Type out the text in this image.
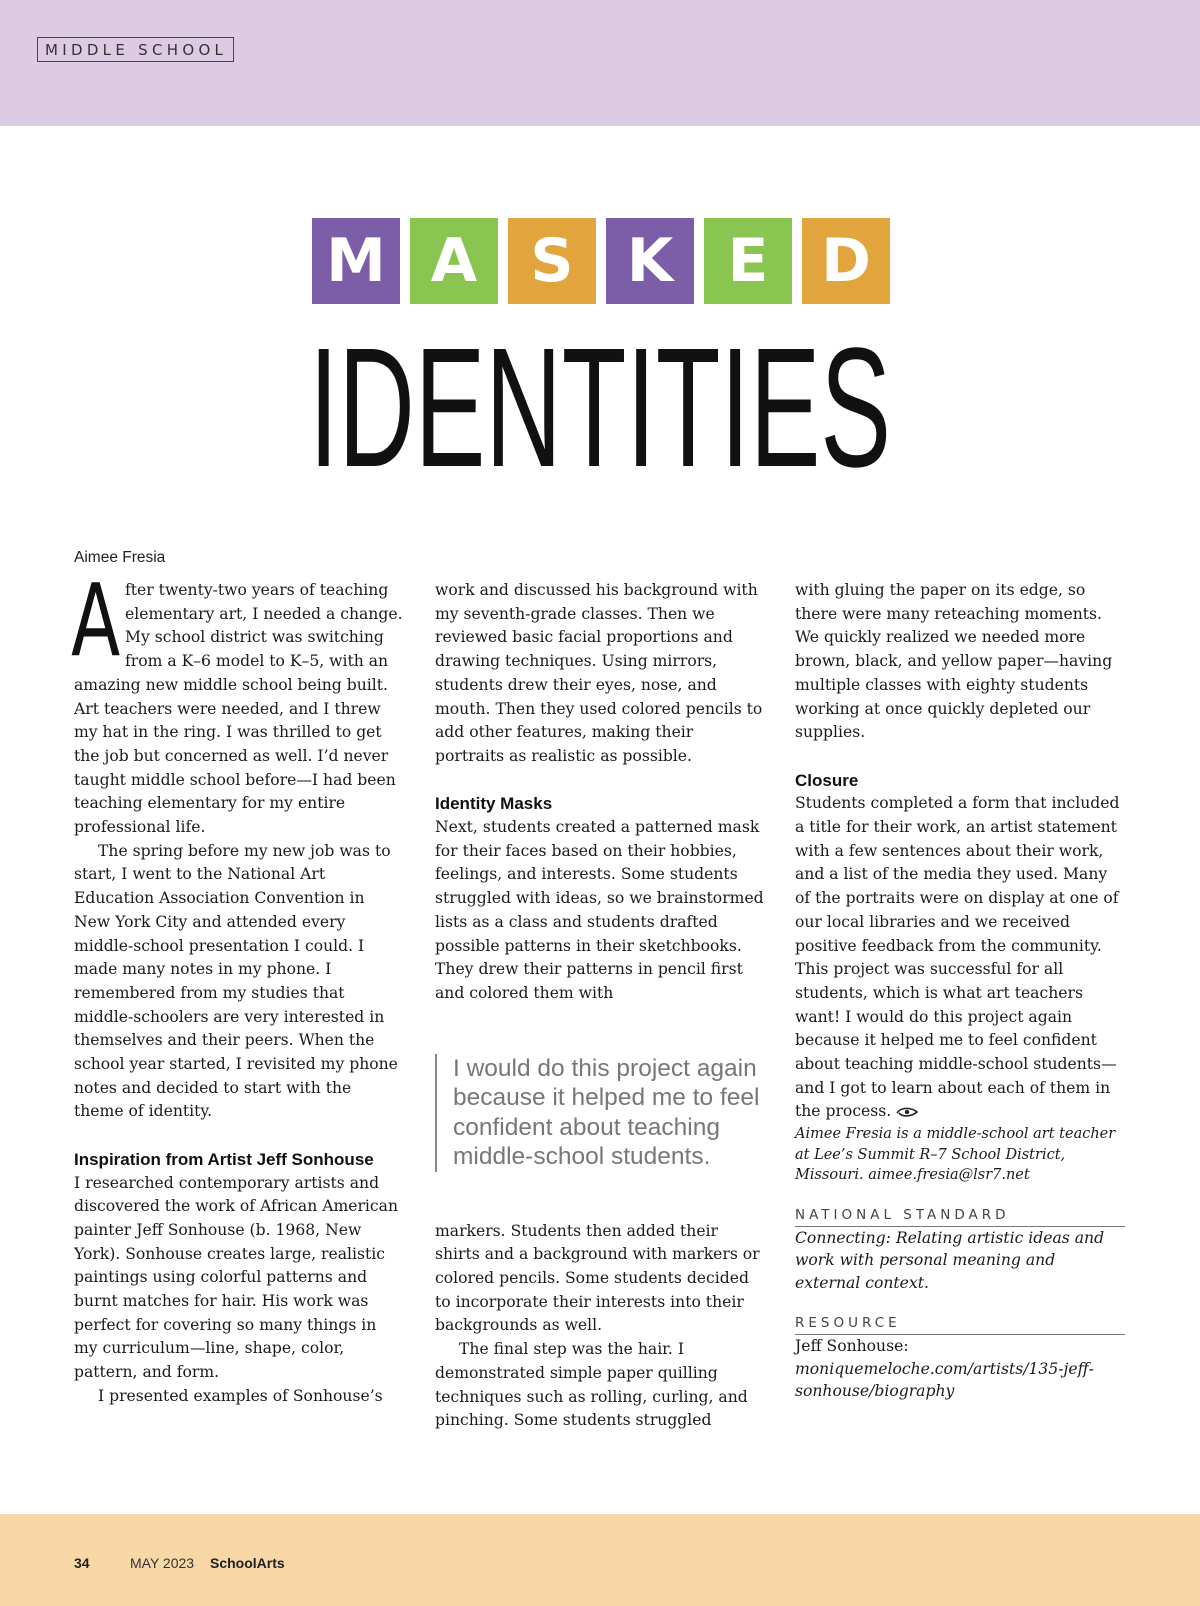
MIDDLE SCHOOL
M A S K E D
IDENTITIES
Aimee Fresia

After twenty-two years of teaching elementary art, I needed a change. My school district was switching from a K–6 model to K–5, with an amazing new middle school being built. Art teachers were needed, and I threw my hat in the ring. I was thrilled to get the job but concerned as well. I’d never taught middle school before—I had been teaching elementary for my entire professional life.

The spring before my new job was to start, I went to the National Art Education Association Convention in New York City and attended every middle-school presentation I could. I made many notes in my phone. I remembered from my studies that middle-schoolers are very interested in themselves and their peers. When the school year started, I revisited my phone notes and decided to start with the theme of identity.

Inspiration from Artist Jeff Sonhouse

I researched contemporary artists and discovered the work of African American painter Jeff Sonhouse (b. 1968, New York). Sonhouse creates large, realistic paintings using colorful patterns and burnt matches for hair. His work was perfect for covering so many things in my curriculum—line, shape, color, pattern, and form.

I presented examples of Sonhouse’s

work and discussed his background with my seventh-grade classes. Then we reviewed basic facial proportions and drawing techniques. Using mirrors, students drew their eyes, nose, and mouth. Then they used colored pencils to add other features, making their portraits as realistic as possible.

Identity Masks

Next, students created a patterned mask for their faces based on their hobbies, feelings, and interests. Some students struggled with ideas, so we brainstormed lists as a class and students drafted possible patterns in their sketchbooks. They drew their patterns in pencil first and colored them with

I would do this project again because it helped me to feel confident about teaching middle-school students.

markers. Students then added their shirts and a background with markers or colored pencils. Some students decided to incorporate their interests into their backgrounds as well.

The final step was the hair. I demonstrated simple paper quilling techniques such as rolling, curling, and pinching. Some students struggled

with gluing the paper on its edge, so there were many reteaching moments. We quickly realized we needed more brown, black, and yellow paper—having multiple classes with eighty students working at once quickly depleted our supplies.

Closure

Students completed a form that included a title for their work, an artist statement with a few sentences about their work, and a list of the media they used. Many of the portraits were on display at one of our local libraries and we received positive feedback from the community. This project was successful for all students, which is what art teachers want! I would do this project again because it helped me to feel confident about teaching middle-school students—and I got to learn about each of them in the process.

Aimee Fresia is a middle-school art teacher at Lee’s Summit R–7 School District, Missouri. aimee.fresia@lsr7.net

NATIONAL STANDARD

Connecting: Relating artistic ideas and work with personal meaning and external context.

RESOURCE

Jeff Sonhouse: moniquemeloche.com/artists/135-jeff-sonhouse/biography

34	MAY 2023	SchoolArts
